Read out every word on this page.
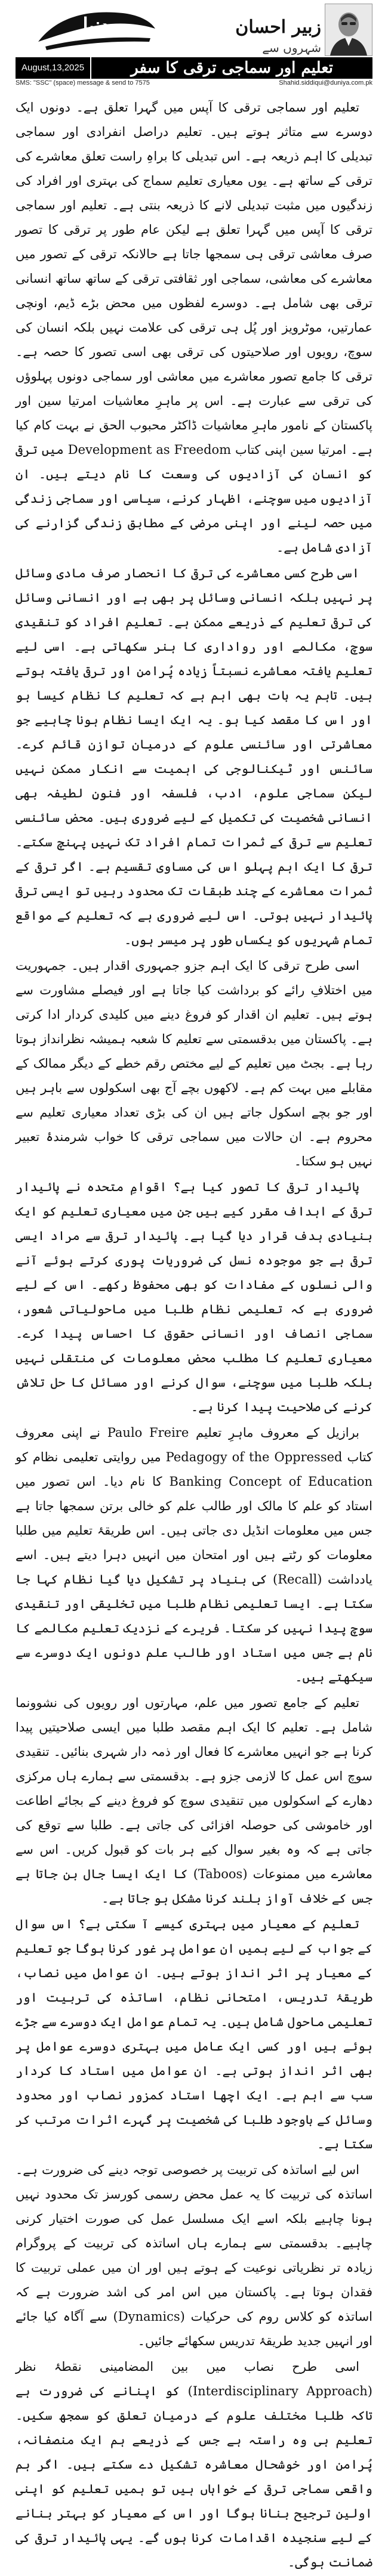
دنیا	زبیر احسان
شہروں سے
August,13,2025	تعلیم اور سماجی ترقی کا سفر
SMS: "SSC" (space) message & send to 7575	Shahid.siddiqui@duniya.com.pk

تعلیم اور سماجی ترقی کا آپس میں گہرا تعلق ہے۔ دونوں ایک دوسرے سے متاثر ہوتے ہیں۔ تعلیم دراصل انفرادی اور سماجی تبدیلی کا اہم ذریعہ ہے۔ اس تبدیلی کا براہِ راست تعلق معاشرے کی ترقی کے ساتھ ہے۔ یوں معیاری تعلیم سماج کی بہتری اور افراد کی زندگیوں میں مثبت تبدیلی لانے کا ذریعہ بنتی ہے۔ تعلیم اور سماجی ترقی کا آپس میں گہرا تعلق ہے لیکن عام طور پر ترقی کا تصور صرف معاشی ترقی ہی سمجھا جاتا ہے حالانکہ ترقی کے تصور میں معاشرے کی معاشی، سماجی اور ثقافتی ترقی کے ساتھ ساتھ انسانی ترقی بھی شامل ہے۔ دوسرے لفظوں میں محض بڑے ڈیم، اونچی عمارتیں، موٹرویز اور پُل ہی ترقی کی علامت نہیں بلکہ انسان کی سوچ، رویوں اور صلاحیتوں کی ترقی بھی اسی تصور کا حصہ ہے۔ ترقی کا جامع تصور معاشرے میں معاشی اور سماجی دونوں پہلوؤں کی ترقی سے عبارت ہے۔ اس پر ماہرِ معاشیات امرتیا سین اور پاکستان کے نامور ماہرِ معاشیات ڈاکٹر محبوب الحق نے بہت کام کیا ہے۔ امرتیا سین اپنی کتاب Development as Freedom میں ترقی کو انسان کی آزادیوں کی وسعت کا نام دیتے ہیں۔ ان آزادیوں میں سوچنے، اظہار کرنے، سیاسی اور سماجی زندگی میں حصہ لینے اور اپنی مرضی کے مطابق زندگی گزارنے کی آزادی شامل ہے۔

اسی طرح کسی معاشرے کی ترقی کا انحصار صرف مادی وسائل پر نہیں بلکہ انسانی وسائل پر بھی ہے اور انسانی وسائل کی ترقی تعلیم کے ذریعے ممکن ہے۔ تعلیم افراد کو تنقیدی سوچ، مکالمے اور رواداری کا ہنر سکھاتی ہے۔ اسی لیے تعلیم یافتہ معاشرے نسبتاً زیادہ پُرامن اور ترقی یافتہ ہوتے ہیں۔ تاہم یہ بات بھی اہم ہے کہ تعلیم کا نظام کیسا ہو اور اس کا مقصد کیا ہو۔ یہ ایک ایسا نظام ہونا چاہیے جو معاشرتی اور سائنسی علوم کے درمیان توازن قائم کرے۔ سائنس اور ٹیکنالوجی کی اہمیت سے انکار ممکن نہیں لیکن سماجی علوم، ادب، فلسفہ اور فنونِ لطیفہ بھی انسانی شخصیت کی تکمیل کے لیے ضروری ہیں۔ محض سائنسی تعلیم سے ترقی کے ثمرات تمام افراد تک نہیں پہنچ سکتے۔ ترقی کا ایک اہم پہلو اس کی مساوی تقسیم ہے۔ اگر ترقی کے ثمرات معاشرے کے چند طبقات تک محدود رہیں تو ایسی ترقی پائیدار نہیں ہوتی۔ اس لیے ضروری ہے کہ تعلیم کے مواقع تمام شہریوں کو یکساں طور پر میسر ہوں۔

اسی طرح ترقی کا ایک اہم جزو جمہوری اقدار ہیں۔ جمہوریت میں اختلافِ رائے کو برداشت کیا جاتا ہے اور فیصلے مشاورت سے ہوتے ہیں۔ تعلیم ان اقدار کو فروغ دینے میں کلیدی کردار ادا کرتی ہے۔ پاکستان میں بدقسمتی سے تعلیم کا شعبہ ہمیشہ نظرانداز ہوتا رہا ہے۔ بجٹ میں تعلیم کے لیے مختص رقم خطے کے دیگر ممالک کے مقابلے میں بہت کم ہے۔ لاکھوں بچے آج بھی اسکولوں سے باہر ہیں اور جو بچے اسکول جاتے ہیں ان کی بڑی تعداد معیاری تعلیم سے محروم ہے۔ ان حالات میں سماجی ترقی کا خواب شرمندۂ تعبیر نہیں ہو سکتا۔

پائیدار ترقی کا تصور کیا ہے؟ اقوامِ متحدہ نے پائیدار ترقی کے اہداف مقرر کیے ہیں جن میں معیاری تعلیم کو ایک بنیادی ہدف قرار دیا گیا ہے۔ پائیدار ترقی سے مراد ایسی ترقی ہے جو موجودہ نسل کی ضروریات پوری کرتے ہوئے آنے والی نسلوں کے مفادات کو بھی محفوظ رکھے۔ اس کے لیے ضروری ہے کہ تعلیمی نظام طلبا میں ماحولیاتی شعور، سماجی انصاف اور انسانی حقوق کا احساس پیدا کرے۔ معیاری تعلیم کا مطلب محض معلومات کی منتقلی نہیں بلکہ طلبا میں سوچنے، سوال کرنے اور مسائل کا حل تلاش کرنے کی صلاحیت پیدا کرنا ہے۔

برازیل کے معروف ماہرِ تعلیم Paulo Freire نے اپنی معروف کتاب Pedagogy of the Oppressed میں روایتی تعلیمی نظام کو Banking Concept of Education کا نام دیا۔ اس تصور میں استاد کو علم کا مالک اور طالب علم کو خالی برتن سمجھا جاتا ہے جس میں معلومات انڈیل دی جاتی ہیں۔ اس طریقۂ تعلیم میں طلبا معلومات کو رٹتے ہیں اور امتحان میں انہیں دہرا دیتے ہیں۔ اسے یادداشت (Recall) کی بنیاد پر تشکیل دیا گیا نظام کہا جا سکتا ہے۔ ایسا تعلیمی نظام طلبا میں تخلیقی اور تنقیدی سوچ پیدا نہیں کر سکتا۔ فریرے کے نزدیک تعلیم مکالمے کا نام ہے جس میں استاد اور طالب علم دونوں ایک دوسرے سے سیکھتے ہیں۔

تعلیم کے جامع تصور میں علم، مہارتوں اور رویوں کی نشوونما شامل ہے۔ تعلیم کا ایک اہم مقصد طلبا میں ایسی صلاحیتیں پیدا کرنا ہے جو انہیں معاشرے کا فعال اور ذمہ دار شہری بنائیں۔ تنقیدی سوچ اس عمل کا لازمی جزو ہے۔ بدقسمتی سے ہمارے ہاں مرکزی دھارے کے اسکولوں میں تنقیدی سوچ کو فروغ دینے کے بجائے اطاعت اور خاموشی کی حوصلہ افزائی کی جاتی ہے۔ طلبا سے توقع کی جاتی ہے کہ وہ بغیر سوال کیے ہر بات کو قبول کریں۔ اس سے معاشرے میں ممنوعات (Taboos) کا ایک ایسا جال بن جاتا ہے جس کے خلاف آواز بلند کرنا مشکل ہو جاتا ہے۔

تعلیم کے معیار میں بہتری کیسے آ سکتی ہے؟ اس سوال کے جواب کے لیے ہمیں ان عوامل پر غور کرنا ہوگا جو تعلیم کے معیار پر اثر انداز ہوتے ہیں۔ ان عوامل میں نصاب، طریقۂ تدریس، امتحانی نظام، اساتذہ کی تربیت اور تعلیمی ماحول شامل ہیں۔ یہ تمام عوامل ایک دوسرے سے جڑے ہوئے ہیں اور کسی ایک عامل میں بہتری دوسرے عوامل پر بھی اثر انداز ہوتی ہے۔ ان عوامل میں استاد کا کردار سب سے اہم ہے۔ ایک اچھا استاد کمزور نصاب اور محدود وسائل کے باوجود طلبا کی شخصیت پر گہرے اثرات مرتب کر سکتا ہے۔

اس لیے اساتذہ کی تربیت پر خصوصی توجہ دینے کی ضرورت ہے۔ اساتذہ کی تربیت کا یہ عمل محض رسمی کورسز تک محدود نہیں ہونا چاہیے بلکہ اسے ایک مسلسل عمل کی صورت اختیار کرنی چاہیے۔ بدقسمتی سے ہمارے ہاں اساتذہ کی تربیت کے پروگرام زیادہ تر نظریاتی نوعیت کے ہوتے ہیں اور ان میں عملی تربیت کا فقدان ہوتا ہے۔ پاکستان میں اس امر کی اشد ضرورت ہے کہ اساتذہ کو کلاس روم کی حرکیات (Dynamics) سے آگاہ کیا جائے اور انہیں جدید طریقۂ تدریس سکھائے جائیں۔

اسی طرح نصاب میں بین المضامینی نقطۂ نظر (Interdisciplinary Approach) کو اپنانے کی ضرورت ہے تاکہ طلبا مختلف علوم کے درمیان تعلق کو سمجھ سکیں۔ تعلیم ہی وہ راستہ ہے جس کے ذریعے ہم ایک منصفانہ، پُرامن اور خوشحال معاشرہ تشکیل دے سکتے ہیں۔ اگر ہم واقعی سماجی ترقی کے خواہاں ہیں تو ہمیں تعلیم کو اپنی اولین ترجیح بنانا ہوگا اور اس کے معیار کو بہتر بنانے کے لیے سنجیدہ اقدامات کرنا ہوں گے۔ یہی پائیدار ترقی کی ضمانت ہوگی۔
